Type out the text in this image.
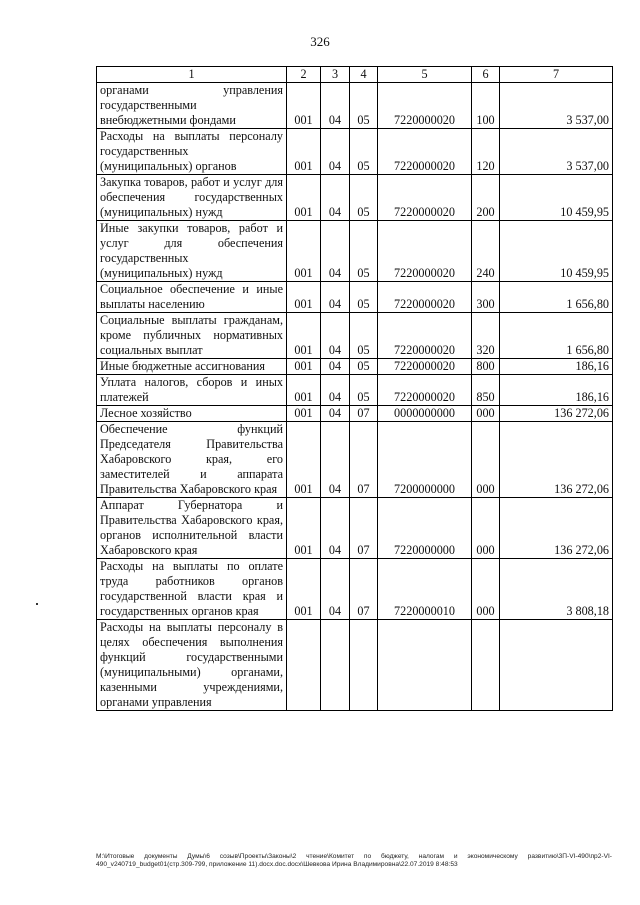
326
1	2	3	4	5	6	7
органами управления государственными внебюджетными фондами	001	04	05	7220000020	100	3 537,00
Расходы на выплаты персоналу государственных (муниципальных) органов	001	04	05	7220000020	120	3 537,00
Закупка товаров, работ и услуг для обеспечения государственных (муниципальных) нужд	001	04	05	7220000020	200	10 459,95
Иные закупки товаров, работ и услуг для обеспечения государственных (муниципальных) нужд	001	04	05	7220000020	240	10 459,95
Социальное обеспечение и иные выплаты населению	001	04	05	7220000020	300	1 656,80
Социальные выплаты гражданам, кроме публичных нормативных социальных выплат	001	04	05	7220000020	320	1 656,80
Иные бюджетные ассигнования	001	04	05	7220000020	800	186,16
Уплата налогов, сборов и иных платежей	001	04	05	7220000020	850	186,16
Лесное хозяйство	001	04	07	0000000000	000	136 272,06
Обеспечение функций Председателя Правительства Хабаровского края, его заместителей и аппарата Правительства Хабаровского края	001	04	07	7200000000	000	136 272,06
Аппарат Губернатора и Правительства Хабаровского края, органов исполнительной власти Хабаровского края	001	04	07	7220000000	000	136 272,06
Расходы на выплаты по оплате труда работников органов государственной власти края и государственных органов края	001	04	07	7220000010	000	3 808,18
Расходы на выплаты персоналу в целях обеспечения выполнения функций государственными (муниципальными) органами, казенными учреждениями, органами управления						
M:\Итоговые документы Думы\6 созыв\Проекты\Законы\2 чтение\Комитет по бюджету, налогам и экономическому развитию\3П-VI-490\пр2-VI-490_v240719_budget01(стр.309-799, приложение 11).docx.doc.docx\Шевкова Ирина Владимировна\22.07.2019 8:48:53
